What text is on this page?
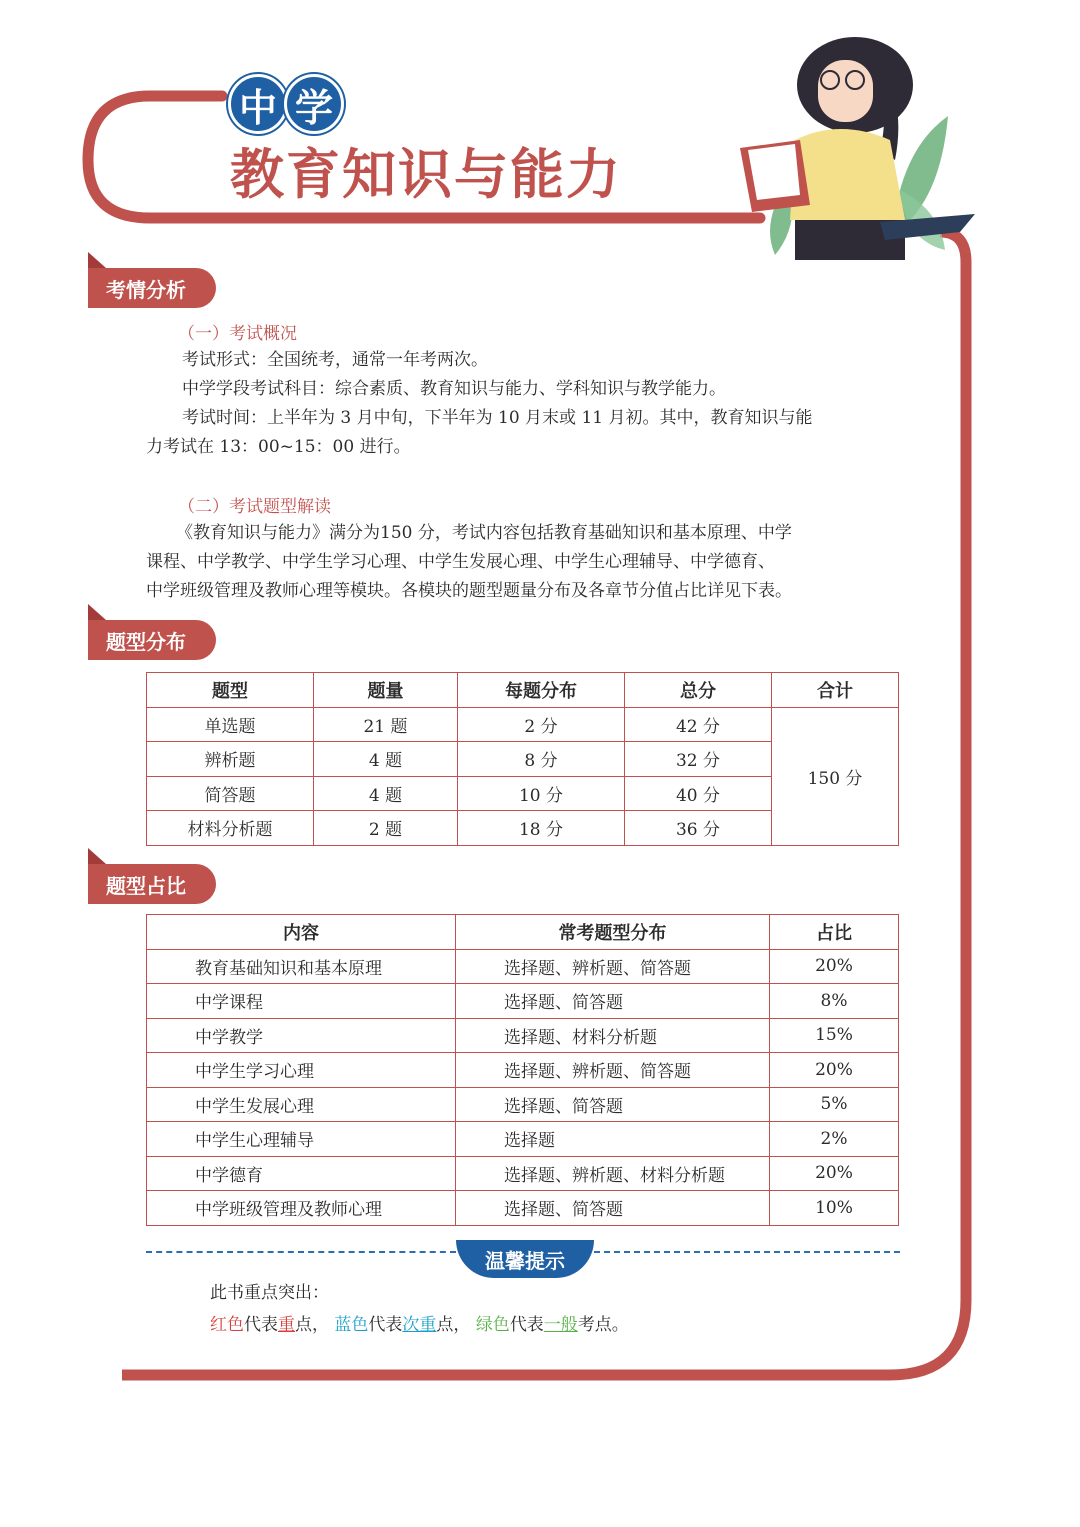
中 学
教育知识与能力
考情分析
（一）考试概况
考试形式：全国统考，通常一年考两次。
中学学段考试科目：综合素质、教育知识与能力、学科知识与教学能力。
考试时间：上半年为 3 月中旬，下半年为 10 月末或 11 月初。其中，教育知识与能
力考试在 13：00~15：00 进行。
（二）考试题型解读
《教育知识与能力》满分为150 分，考试内容包括教育基础知识和基本原理、中学
课程、中学教学、中学生学习心理、中学生发展心理、中学生心理辅导、中学德育、
中学班级管理及教师心理等模块。各模块的题型题量分布及各章节分值占比详见下表。
题型分布
题型	题量	每题分布	总分	合计
单选题	21 题	2 分	42 分	150 分
辨析题	4 题	8 分	32 分	
简答题	4 题	10 分	40 分	
材料分析题	2 题	18 分	36 分	
题型占比
内容	常考题型分布	占比
教育基础知识和基本原理	选择题、辨析题、简答题	20%
中学课程	选择题、简答题	8%
中学教学	选择题、材料分析题	15%
中学生学习心理	选择题、辨析题、简答题	20%
中学生发展心理	选择题、简答题	5%
中学生心理辅导	选择题	2%
中学德育	选择题、辨析题、材料分析题	20%
中学班级管理及教师心理	选择题、简答题	10%
温馨提示
此书重点突出：
红色代表重点， 蓝色代表次重点， 绿色代表一般考点。
